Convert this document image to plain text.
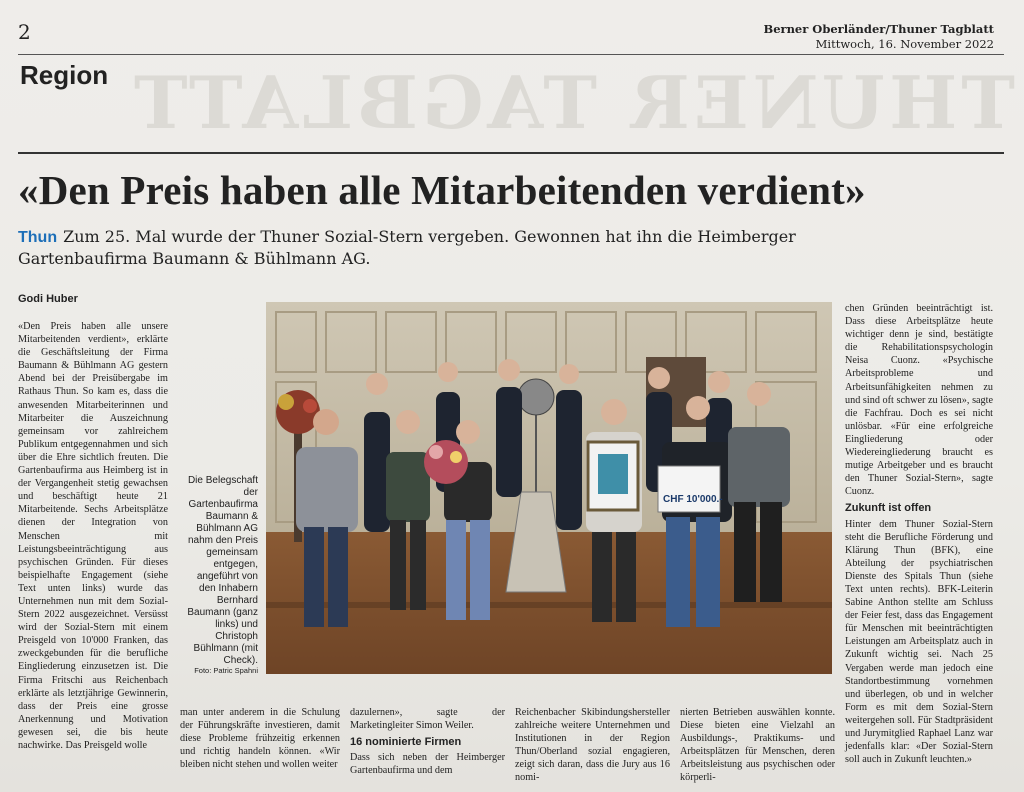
THUNER TAGBLATT
2	Berner Oberländer/Thuner Tagblatt
Mittwoch, 16. November 2022
Region
«Den Preis haben alle Mitarbeitenden verdient»
Thun Zum 25. Mal wurde der Thuner Sozial-Stern vergeben. Gewonnen hat ihn die Heimberger Gartenbaufirma Baumann & Bühlmann AG.
Godi Huber

«Den Preis haben alle unsere Mitarbeitenden verdient», erklärte die Geschäftsleitung der Firma Baumann & Bühlmann AG gestern Abend bei der Preisübergabe im Rathaus Thun. So kam es, dass die anwesenden Mitarbeiterinnen und Mitarbeiter die Auszeichnung gemeinsam vor zahlreichem Publikum entgegennahmen und sich über die Ehre sichtlich freuten. Die Gartenbaufirma aus Heimberg ist in der Vergangenheit stetig gewachsen und beschäftigt heute 21 Mitarbeitende. Sechs Arbeitsplätze dienen der Integration von Menschen mit Leistungsbeeinträchtigung aus psychischen Gründen. Für dieses beispielhafte Engagement (siehe Text unten links) wurde das Unternehmen nun mit dem Sozial-Stern 2022 ausgezeichnet. Versüsst wird der Sozial-Stern mit einem Preisgeld von 10'000 Franken, das zweckgebunden für die berufliche Eingliederung einzusetzen ist. Die Firma Fritschi aus Reichenbach erklärte als letztjährige Gewinnerin, dass der Preis eine grosse Anerkennung und Motivation gewesen sei, die bis heute nachwirke. Das Preisgeld wolle

man unter anderem in die Schulung der Führungskräfte investieren, damit diese Probleme frühzeitig erkennen und richtig handeln können. «Wir bleiben nicht stehen und wollen weiter

dazulernen», sagte der Marketingleiter Simon Weiler.

16 nominierte Firmen

Dass sich neben der Heimberger Gartenbaufirma und dem

Reichenbacher Skibindungshersteller zahlreiche weitere Unternehmen und Institutionen in der Region Thun/Oberland sozial engagieren, zeigt sich daran, dass die Jury aus 16 nomi-

nierten Betrieben auswählen konnte. Diese bieten eine Vielzahl an Ausbildungs-, Praktikums- und Arbeitsplätzen für Menschen, deren Arbeitsleistung aus psychischen oder körperli-

chen Gründen beeinträchtigt ist. Dass diese Arbeitsplätze heute wichtiger denn je sind, bestätigte die Rehabilitationspsychologin Neisa Cuonz. «Psychische Arbeitsprobleme und Arbeitsunfähigkeiten nehmen zu und sind oft schwer zu lösen», sagte die Fachfrau. Doch es sei nicht unlösbar. «Für eine erfolgreiche Eingliederung oder Wiedereingliederung braucht es mutige Arbeitgeber und es braucht den Thuner Sozial-Stern», sagte Cuonz.

Zukunft ist offen

Hinter dem Thuner Sozial-Stern steht die Berufliche Förderung und Klärung Thun (BFK), eine Abteilung der psychiatrischen Dienste des Spitals Thun (siehe Text unten rechts). BFK-Leiterin Sabine Anthon stellte am Schluss der Feier fest, dass das Engagement für Menschen mit beeinträchtigten Leistungen am Arbeitsplatz auch in Zukunft wichtig sei. Nach 25 Vergaben werde man jedoch eine Standortbestimmung vornehmen und überlegen, ob und in welcher Form es mit dem Sozial-Stern weitergehen soll. Für Stadtpräsident und Jurymitglied Raphael Lanz war jedenfalls klar: «Der Sozial-Stern soll auch in Zukunft leuchten.»

Die Belegschaft der Gartenbaufirma Baumann & Bühlmann AG nahm den Preis gemeinsam entgegen, angeführt von den Inhabern Bernhard Baumann (ganz links) und Christoph Bühlmann (mit Check).
Foto: Patric Spahni
CHF 10'000.-
